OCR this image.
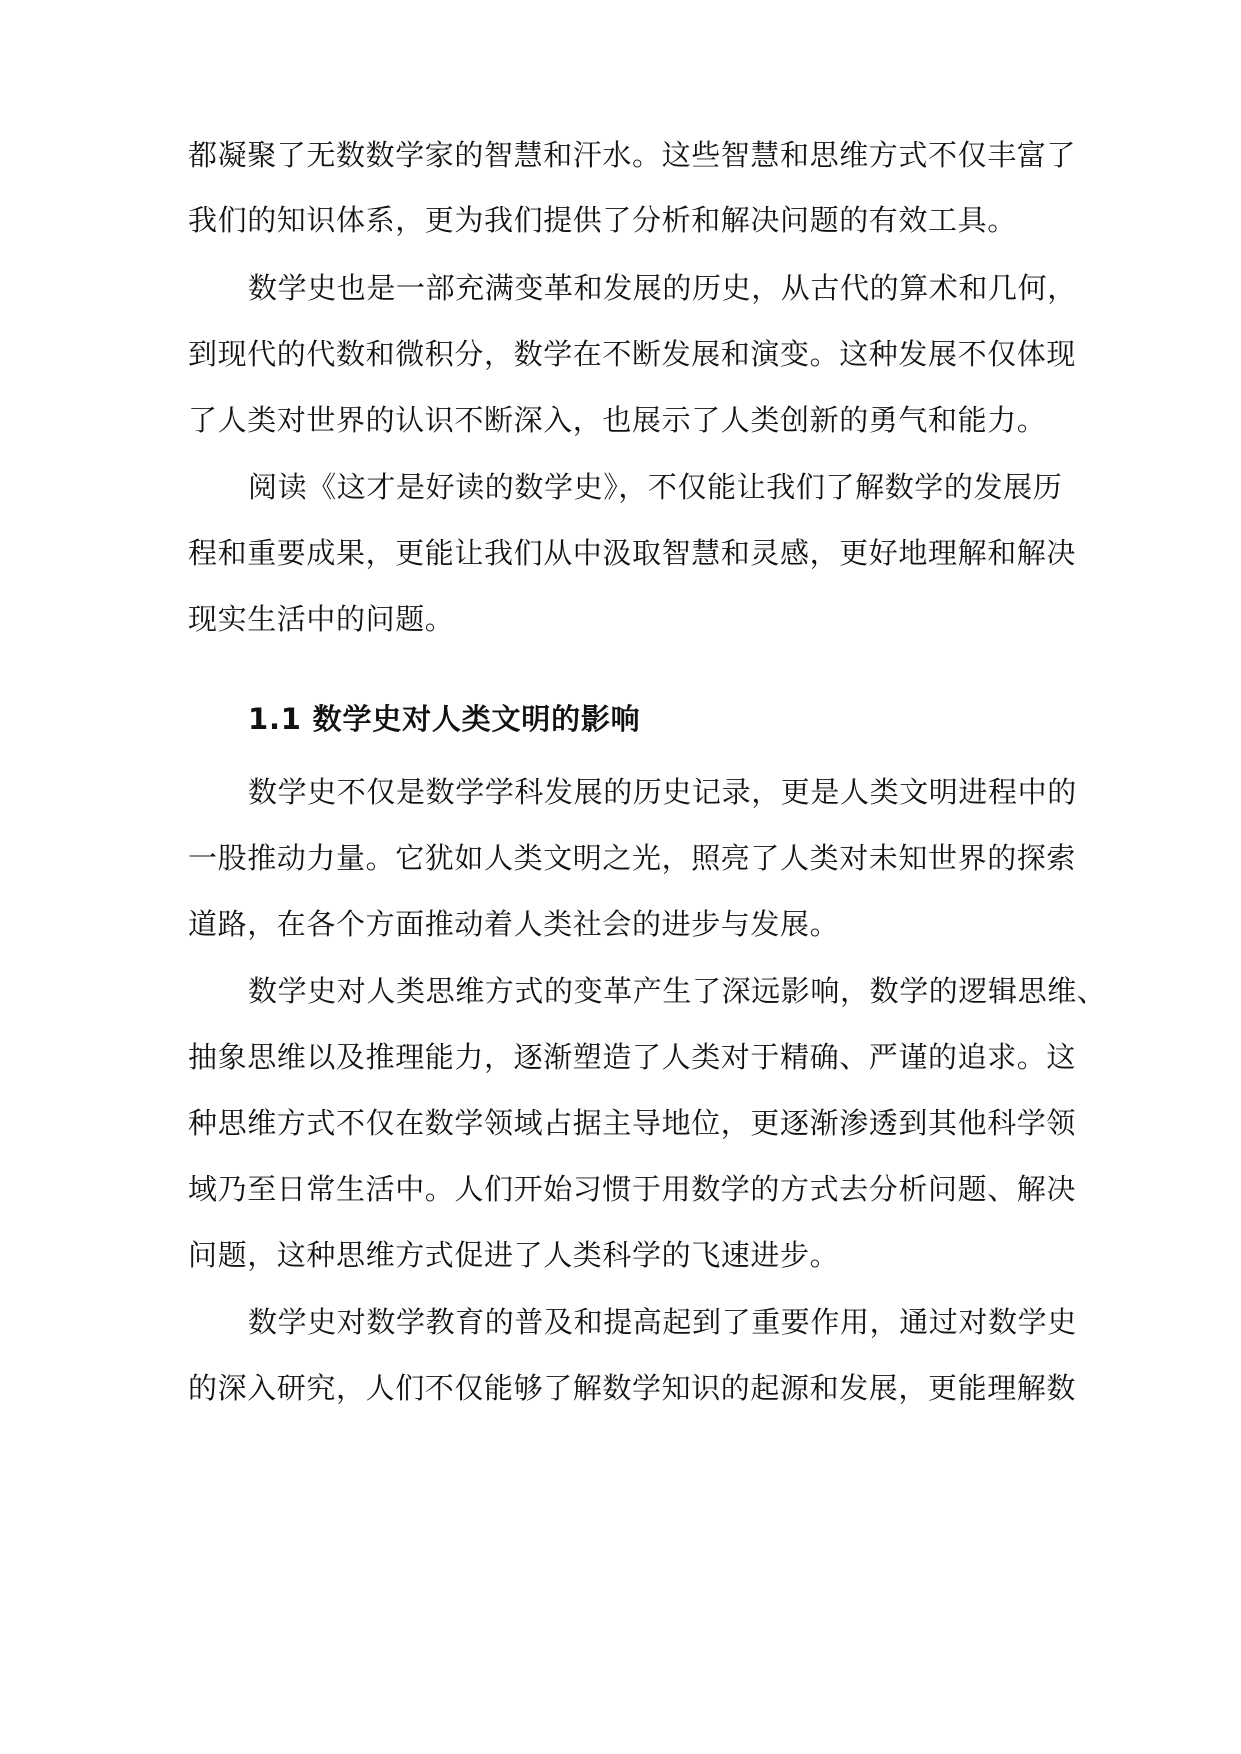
都凝聚了无数数学家的智慧和汗水。这些智慧和思维方式不仅丰富了
我们的知识体系，更为我们提供了分析和解决问题的有效工具。
数学史也是一部充满变革和发展的历史，从古代的算术和几何，
到现代的代数和微积分，数学在不断发展和演变。这种发展不仅体现
了人类对世界的认识不断深入，也展示了人类创新的勇气和能力。
阅读《这才是好读的数学史》，不仅能让我们了解数学的发展历
程和重要成果，更能让我们从中汲取智慧和灵感，更好地理解和解决
现实生活中的问题。
1.1 数学史对人类文明的影响
数学史不仅是数学学科发展的历史记录，更是人类文明进程中的
一股推动力量。它犹如人类文明之光，照亮了人类对未知世界的探索
道路，在各个方面推动着人类社会的进步与发展。
数学史对人类思维方式的变革产生了深远影响，数学的逻辑思维、
抽象思维以及推理能力，逐渐塑造了人类对于精确、严谨的追求。这
种思维方式不仅在数学领域占据主导地位，更逐渐渗透到其他科学领
域乃至日常生活中。人们开始习惯于用数学的方式去分析问题、解决
问题，这种思维方式促进了人类科学的飞速进步。
数学史对数学教育的普及和提高起到了重要作用，通过对数学史
的深入研究，人们不仅能够了解数学知识的起源和发展，更能理解数
